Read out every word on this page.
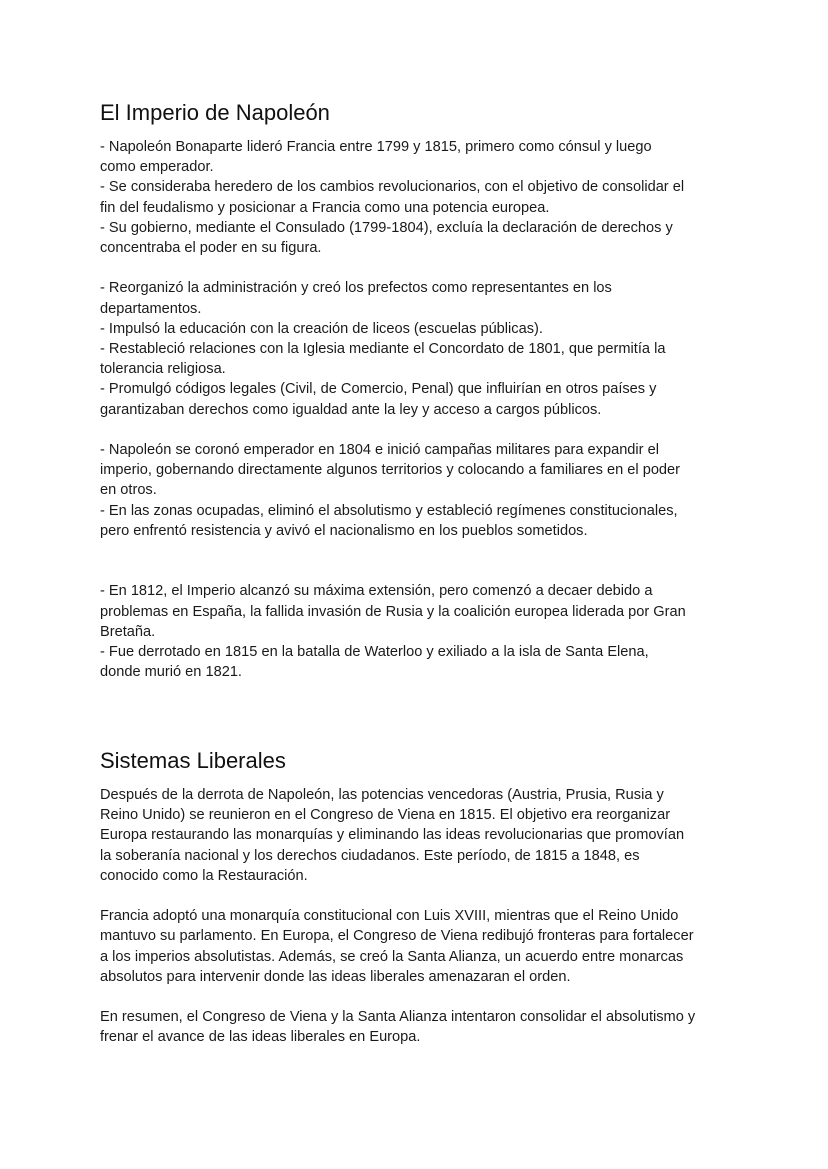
El Imperio de Napoleón

- Napoleón Bonaparte lideró Francia entre 1799 y 1815, primero como cónsul y luego

como emperador.

- Se consideraba heredero de los cambios revolucionarios, con el objetivo de consolidar el

fin del feudalismo y posicionar a Francia como una potencia europea.

- Su gobierno, mediante el Consulado (1799-1804), excluía la declaración de derechos y

concentraba el poder en su figura.

- Reorganizó la administración y creó los prefectos como representantes en los

departamentos.

- Impulsó la educación con la creación de liceos (escuelas públicas).

- Restableció relaciones con la Iglesia mediante el Concordato de 1801, que permitía la

tolerancia religiosa.

- Promulgó códigos legales (Civil, de Comercio, Penal) que influirían en otros países y

garantizaban derechos como igualdad ante la ley y acceso a cargos públicos.

- Napoleón se coronó emperador en 1804 e inició campañas militares para expandir el

imperio, gobernando directamente algunos territorios y colocando a familiares en el poder

en otros.

- En las zonas ocupadas, eliminó el absolutismo y estableció regímenes constitucionales,

pero enfrentó resistencia y avivó el nacionalismo en los pueblos sometidos.

- En 1812, el Imperio alcanzó su máxima extensión, pero comenzó a decaer debido a

problemas en España, la fallida invasión de Rusia y la coalición europea liderada por Gran

Bretaña.

- Fue derrotado en 1815 en la batalla de Waterloo y exiliado a la isla de Santa Elena,

donde murió en 1821.

Sistemas Liberales

Después de la derrota de Napoleón, las potencias vencedoras (Austria, Prusia, Rusia y

Reino Unido) se reunieron en el Congreso de Viena en 1815. El objetivo era reorganizar

Europa restaurando las monarquías y eliminando las ideas revolucionarias que promovían

la soberanía nacional y los derechos ciudadanos. Este período, de 1815 a 1848, es

conocido como la Restauración.

Francia adoptó una monarquía constitucional con Luis XVIII, mientras que el Reino Unido

mantuvo su parlamento. En Europa, el Congreso de Viena redibujó fronteras para fortalecer

a los imperios absolutistas. Además, se creó la Santa Alianza, un acuerdo entre monarcas

absolutos para intervenir donde las ideas liberales amenazaran el orden.

En resumen, el Congreso de Viena y la Santa Alianza intentaron consolidar el absolutismo y

frenar el avance de las ideas liberales en Europa.
